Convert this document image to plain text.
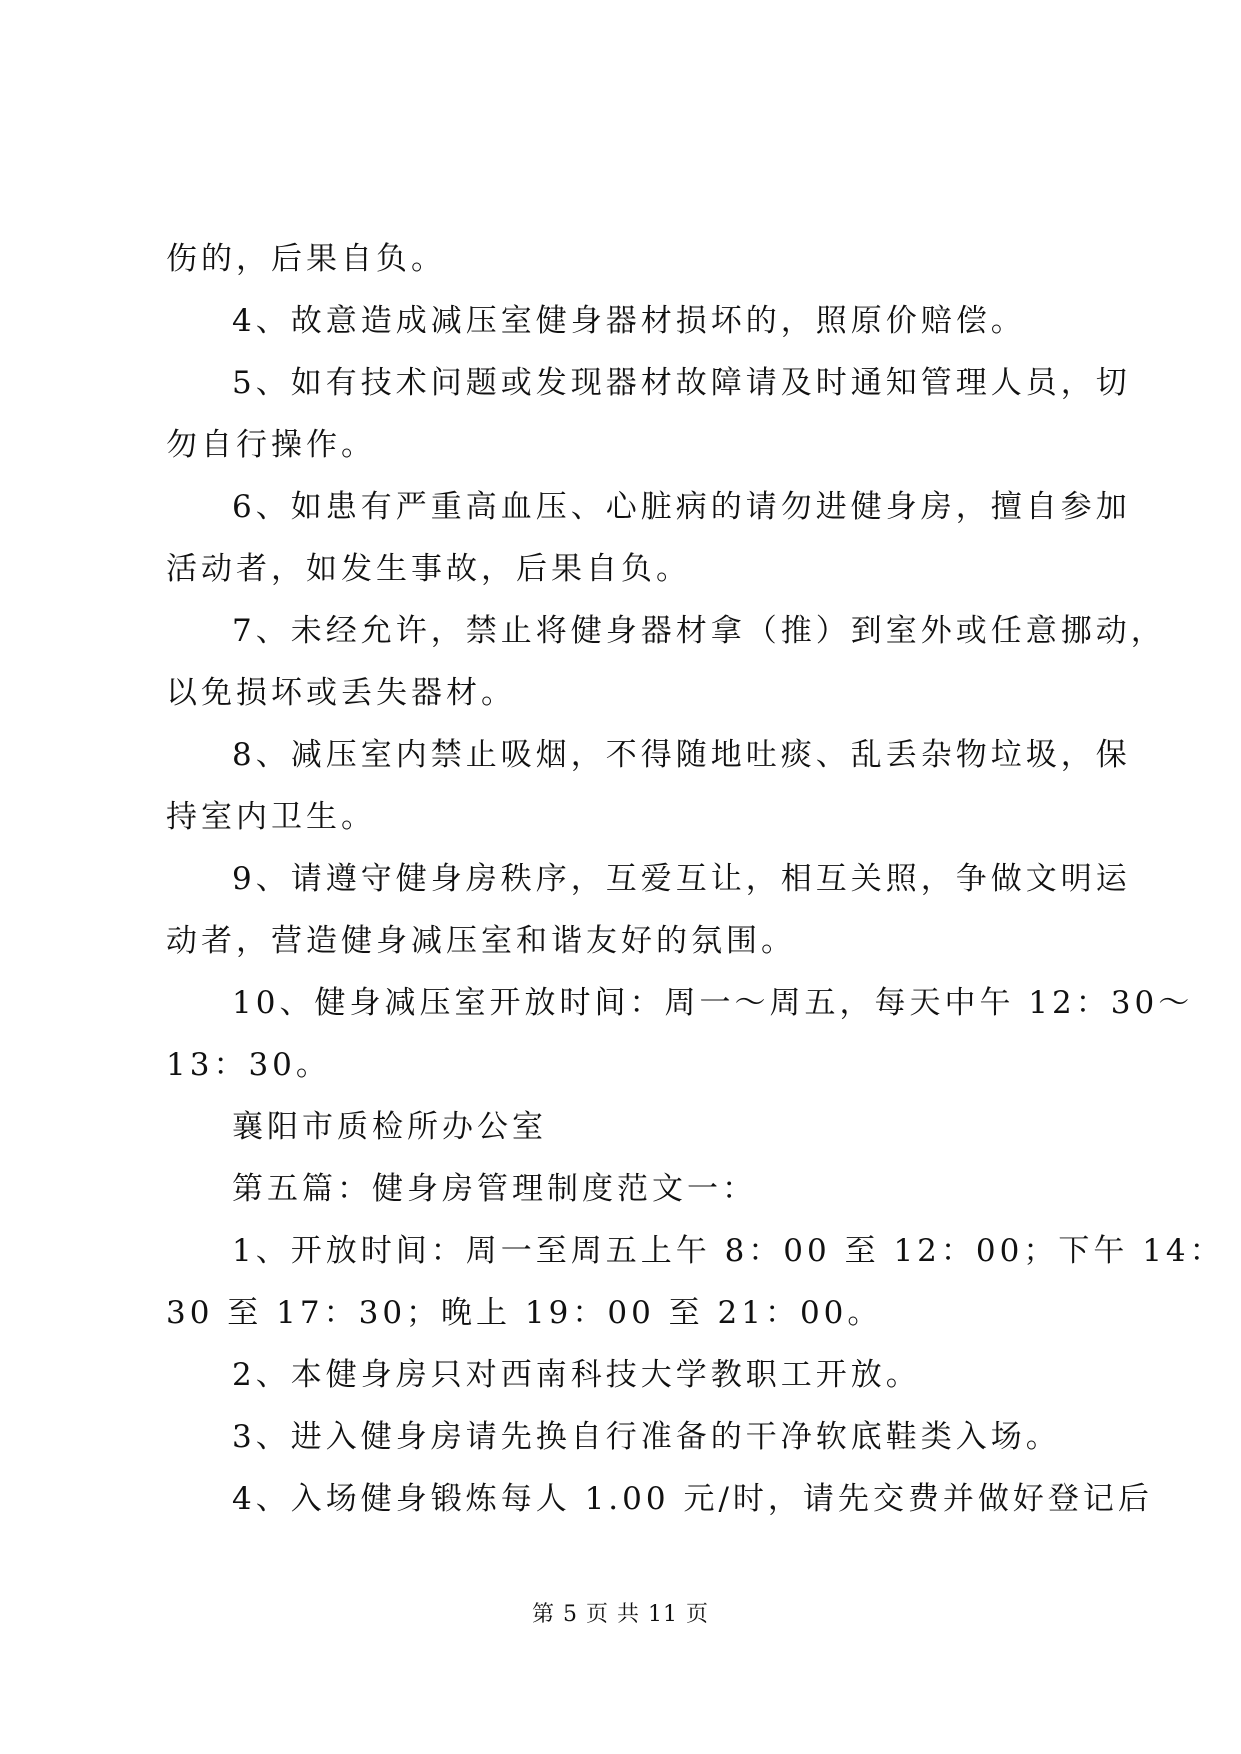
伤的，后果自负。
4、故意造成减压室健身器材损坏的，照原价赔偿。
5、如有技术问题或发现器材故障请及时通知管理人员，切
勿自行操作。
6、如患有严重高血压、心脏病的请勿进健身房，擅自参加
活动者，如发生事故，后果自负。
7、未经允许，禁止将健身器材拿（推）到室外或任意挪动，
以免损坏或丢失器材。
8、减压室内禁止吸烟，不得随地吐痰、乱丢杂物垃圾，保
持室内卫生。
9、请遵守健身房秩序，互爱互让，相互关照，争做文明运
动者，营造健身减压室和谐友好的氛围。
10、健身减压室开放时间：周一～周五，每天中午 12：30～
13：30。
襄阳市质检所办公室
第五篇：健身房管理制度范文一：
1、开放时间：周一至周五上午 8：00 至 12：00；下午 14：
30 至 17：30；晚上 19：00 至 21：00。
2、本健身房只对西南科技大学教职工开放。
3、进入健身房请先换自行准备的干净软底鞋类入场。
4、入场健身锻炼每人 1.00 元/时，请先交费并做好登记后
第 5 页 共 11 页
